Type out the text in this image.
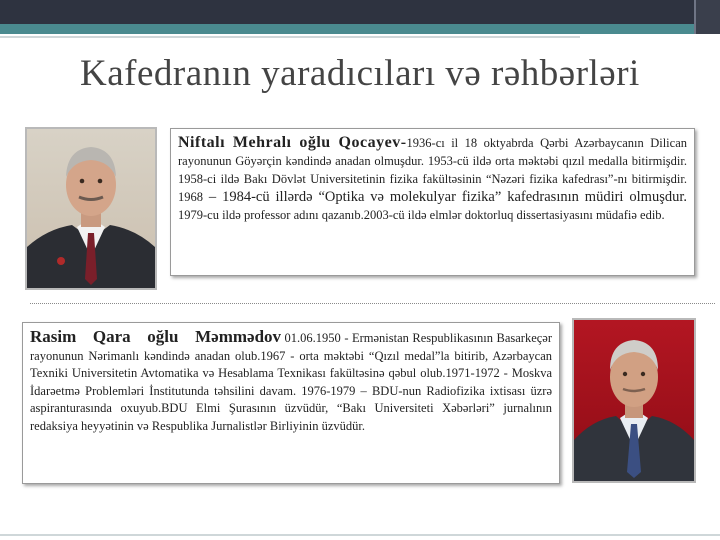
Kafedranın yaradıcıları və rəhbərləri
Niftalı Mehralı oğlu Qocayev-1936-cı il 18 oktyabrda Qərbi Azərbaycanın Dilican rayonunun Göyərçin kəndində anadan olmuşdur. 1953-cü ildə orta məktəbi qızıl medalla bitirmişdir. 1958-ci ildə Bakı Dövlət Universitetinin fizika fakültəsinin “Nəzəri fizika kafedrası”-nı bitirmişdir. 1968 – 1984-cü illərdə “Optika və molekulyar fizika” kafedrasının müdiri olmuşdur. 1979-cu ildə professor adını qazanıb.2003-cü ildə elmlər doktorluq dissertasiyasını müdafiə edib.
Rasim Qara oğlu Məmmədov 01.06.1950 - Ermənistan Respublikasının Basarkeçər rayonunun Nərimanlı kəndində anadan olub.1967 - orta məktəbi “Qızıl medal”la bitirib, Azərbaycan Texniki Universitetin Avtomatika və Hesablama Texnikası fakültəsinə qəbul olub.1971-1972 - Moskva İdarəetmə Problemləri İnstitutunda təhsilini davam. 1976-1979 – BDU-nun Radiofizika ixtisası üzrə aspiranturasında oxuyub.BDU Elmi Şurasının üzvüdür, “Bakı Universiteti Xəbərləri” jurnalının redaksiya heyyətinin və Respublika Jurnalistlər Birliyinin üzvüdür.
